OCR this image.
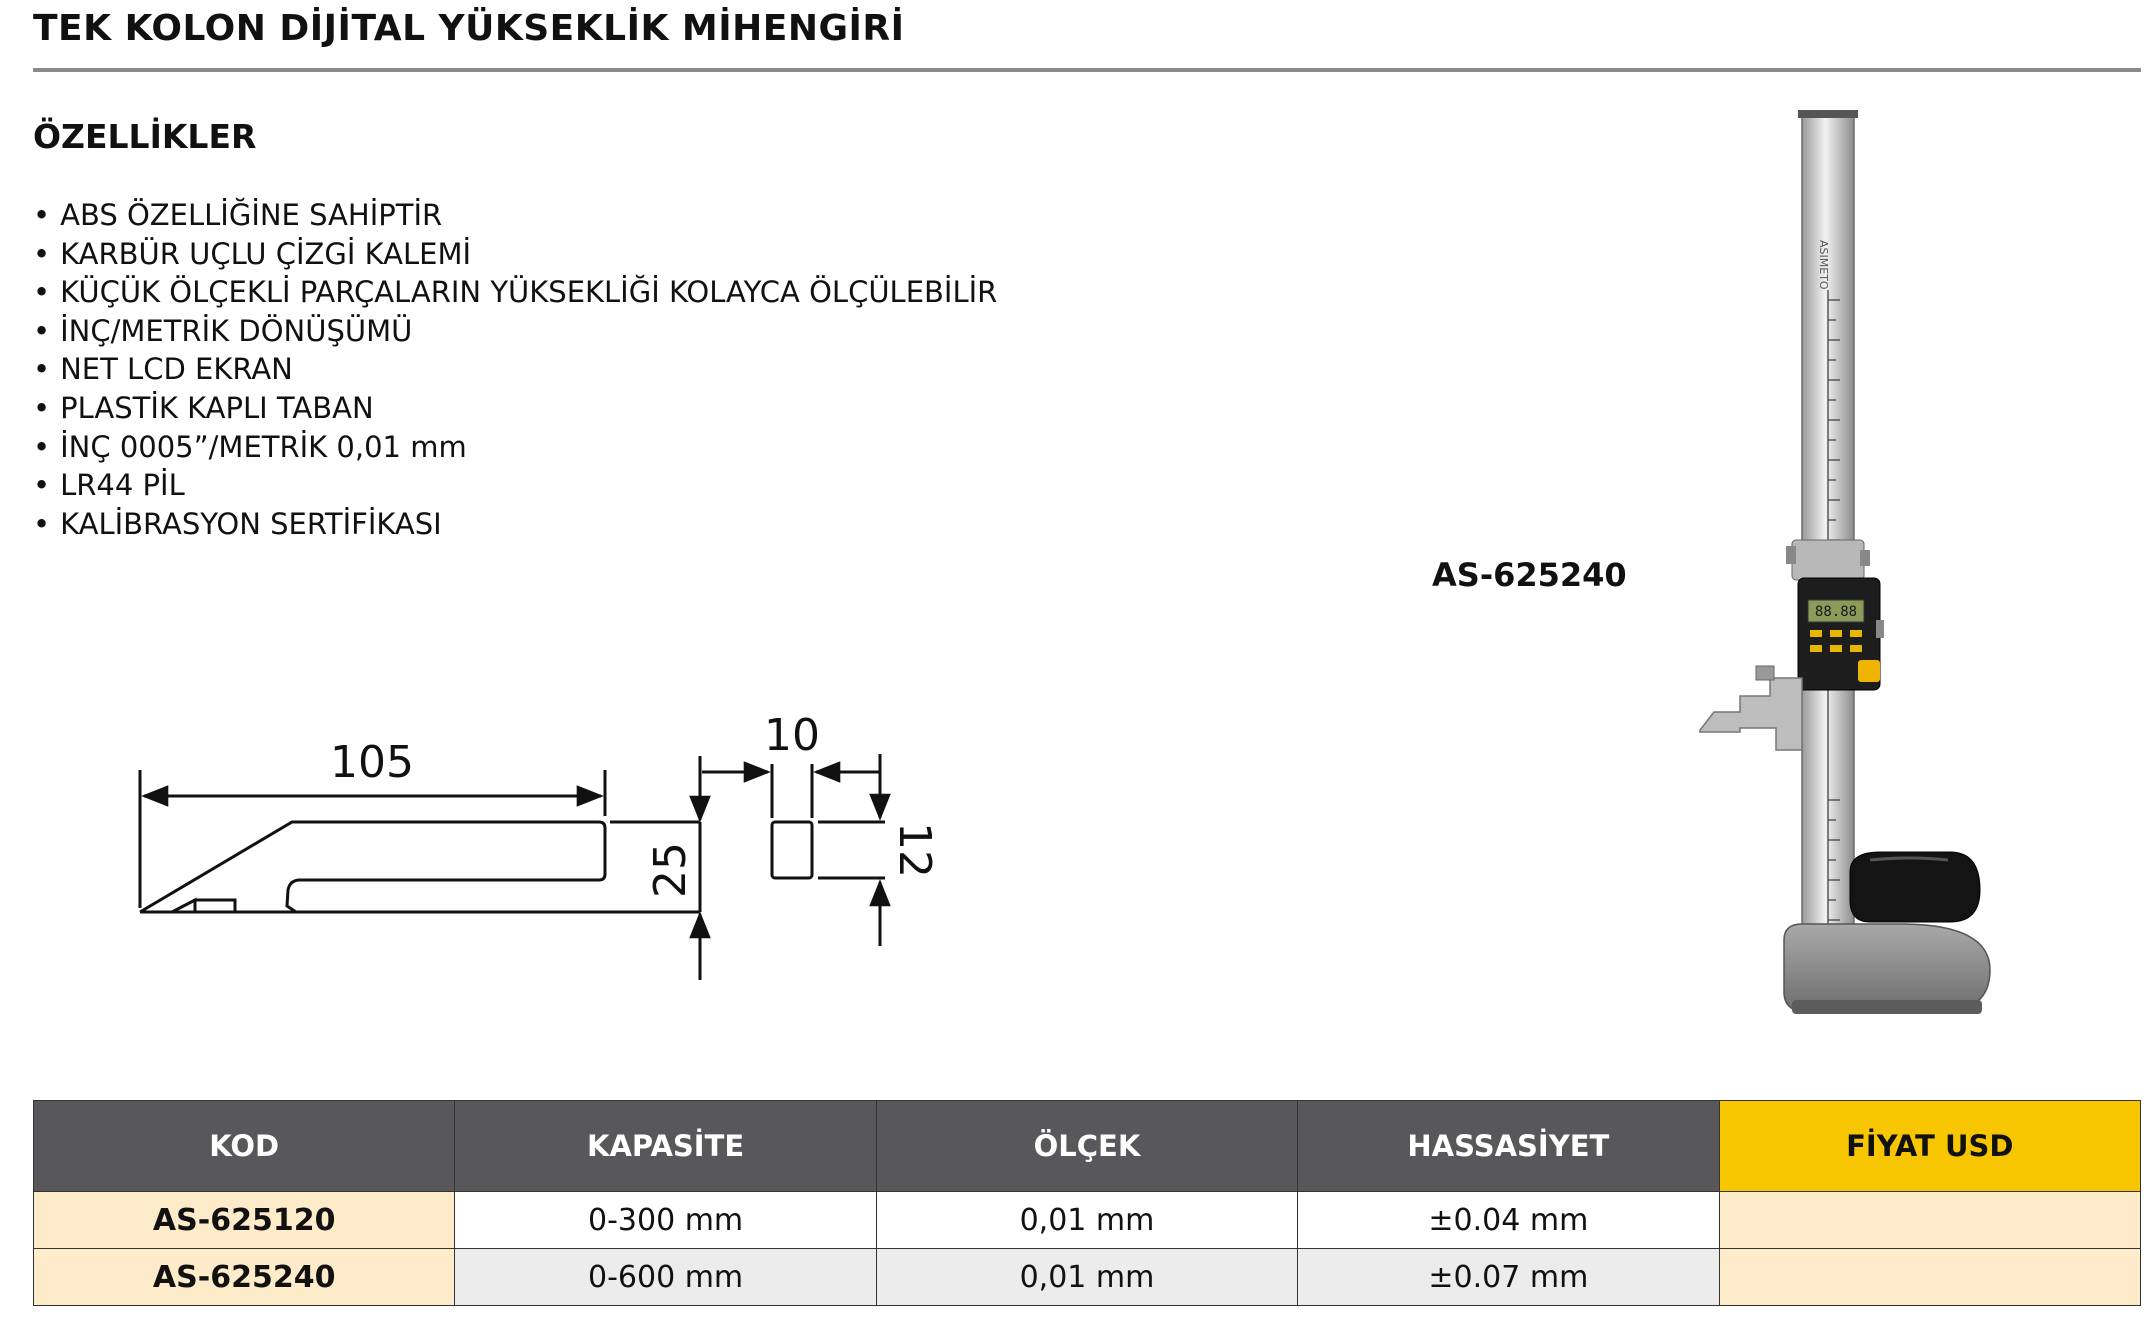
TEK KOLON DİJİTAL YÜKSEKLİK MİHENGİRİ
ÖZELLİKLER
• ABS ÖZELLİĞİNE SAHİPTİR
• KARBÜR UÇLU ÇİZGİ KALEMİ
• KÜÇÜK ÖLÇEKLİ PARÇALARIN YÜKSEKLİĞİ KOLAYCA ÖLÇÜLEBİLİR
• İNÇ/METRİK DÖNÜŞÜMÜ
• NET LCD EKRAN
• PLASTİK KAPLI TABAN
• İNÇ 0005”/METRİK 0,01 mm
• LR44 PİL
• KALİBRASYON SERTİFİKASI
AS-625240
105
25
10
12
ASIMETO
88.88
KOD	KAPASİTE	ÖLÇEK	HASSASİYET	FİYAT USD
AS-625120	0-300 mm	0,01 mm	±0.04 mm	
AS-625240	0-600 mm	0,01 mm	±0.07 mm	
